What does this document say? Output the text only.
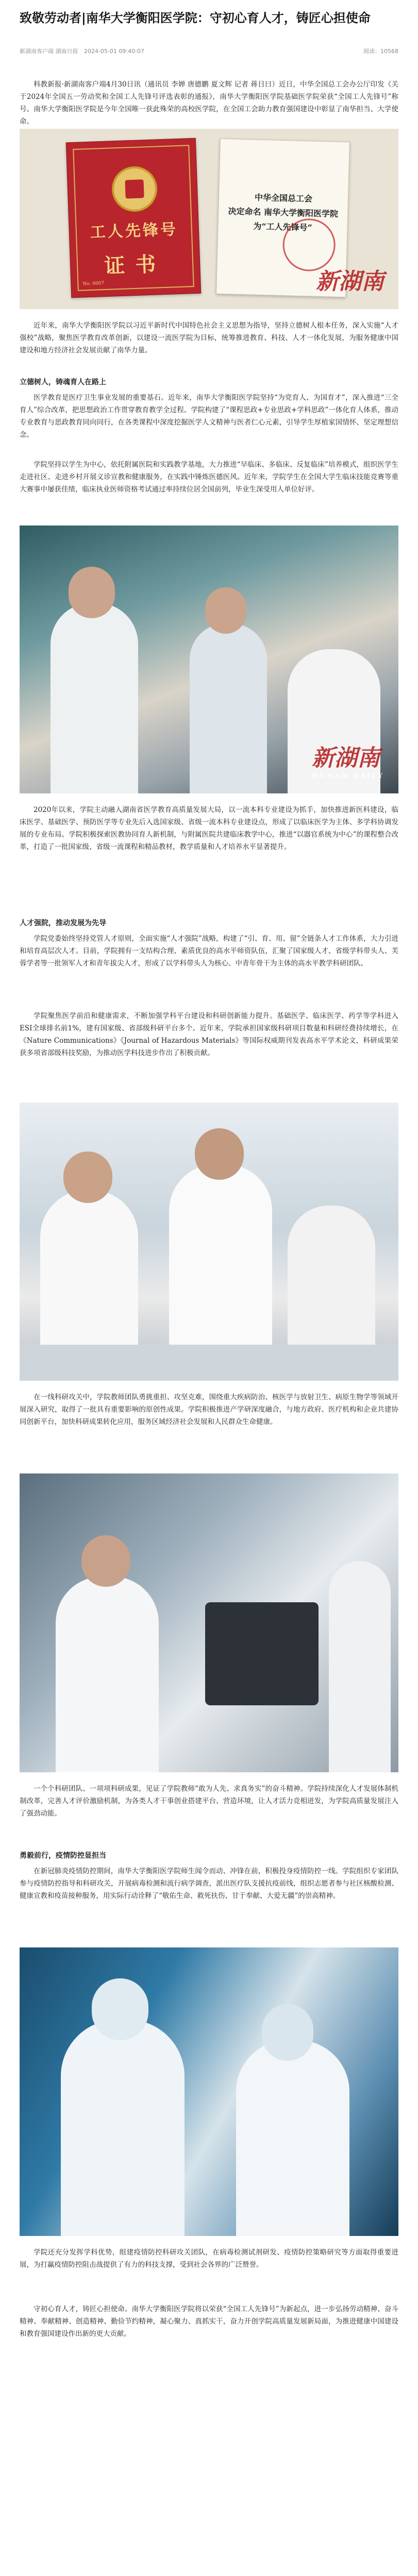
致敬劳动者|南华大学衡阳医学院：守初心育人才，铸匠心担使命
新湖南客户端 湖南日报 2024-05-01 09:40:07	阅读：10568

科教新报·新湖南客户端4月30日讯（通讯员 李婵 唐德鹏 夏文辉 记者 蒋日曰）近日，中华全国总工会办公厅印发《关于2024年全国五一劳动奖和全国工人先锋号评选表彰的通报》，南华大学衡阳医学院基础医学院荣获“全国工人先锋号”称号。南华大学衡阳医学院是今年全国唯一获此殊荣的高校医学院，在全国工会助力教育强国建设中彰显了南华担当、大学使命。

工人先锋号
证书
No. 0007
中华全国总工会
决定命名 南华大学衡阳医学院
为“工人先锋号”
新湖南

近年来，南华大学衡阳医学院以习近平新时代中国特色社会主义思想为指导，坚持立德树人根本任务，深入实施“人才强校”战略，聚焦医学教育改革创新，以建设一流医学院为目标，统筹推进教育、科技、人才一体化发展，为服务健康中国建设和地方经济社会发展贡献了南华力量。

立德树人，铸魂育人在路上

医学教育是医疗卫生事业发展的重要基石。近年来，南华大学衡阳医学院坚持“为党育人、为国育才”，深入推进“三全育人”综合改革，把思想政治工作贯穿教育教学全过程。学院构建了“课程思政+专业思政+学科思政”一体化育人体系，推动专业教育与思政教育同向同行，在各类课程中深度挖掘医学人文精神与医者仁心元素，引导学生厚植家国情怀、坚定理想信念。

学院坚持以学生为中心，依托附属医院和实践教学基地，大力推进“早临床、多临床、反复临床”培养模式，组织医学生走进社区、走进乡村开展义诊宣教和健康服务，在实践中锤炼医德医风。近年来，学院学生在全国大学生临床技能竞赛等重大赛事中屡获佳绩，临床执业医师资格考试通过率持续位居全国前列，毕业生深受用人单位好评。

新湖南
HUNAN DAILY

2020年以来，学院主动融入湖南省医学教育高质量发展大局，以一流本科专业建设为抓手，加快推进新医科建设，临床医学、基础医学、预防医学等专业先后入选国家级、省级一流本科专业建设点，形成了以临床医学为主体、多学科协调发展的专业布局。学院积极探索医教协同育人新机制，与附属医院共建临床教学中心，推进“以器官系统为中心”的课程整合改革，打造了一批国家级、省级一流课程和精品教材，教学质量和人才培养水平显著提升。

人才强院，推动发展为先导

学院党委始终坚持党管人才原则，全面实施“人才强院”战略，构建了“引、育、用、留”全链条人才工作体系，大力引进和培育高层次人才。目前，学院拥有一支结构合理、素质优良的高水平师资队伍，汇聚了国家级人才、省级学科带头人、芙蓉学者等一批领军人才和青年拔尖人才，形成了以学科带头人为核心、中青年骨干为主体的高水平教学科研团队。

学院聚焦医学前沿和健康需求，不断加强学科平台建设和科研创新能力提升。基础医学、临床医学、药学等学科进入ESI全球排名前1%，建有国家级、省部级科研平台多个。近年来，学院承担国家级科研项目数量和科研经费持续增长，在《Nature Communications》《Journal of Hazardous Materials》等国际权威期刊发表高水平学术论文，科研成果荣获多项省部级科技奖励，为推动医学科技进步作出了积极贡献。

在一线科研攻关中，学院教师团队勇挑重担、攻坚克难，围绕重大疾病防治、核医学与放射卫生、病原生物学等领域开展深入研究，取得了一批具有重要影响的原创性成果。学院积极推进产学研深度融合，与地方政府、医疗机构和企业共建协同创新平台，加快科研成果转化应用，服务区域经济社会发展和人民群众生命健康。

一个个科研团队、一项项科研成果，见证了学院教师“敢为人先、求真务实”的奋斗精神。学院持续深化人才发展体制机制改革，完善人才评价激励机制，为各类人才干事创业搭建平台、营造环境，让人才活力竞相迸发，为学院高质量发展注入了强劲动能。

勇毅前行，疫情防控显担当

在新冠肺炎疫情防控期间，南华大学衡阳医学院师生闻令而动、冲锋在前，积极投身疫情防控一线。学院组织专家团队参与疫情防控指导和科研攻关，开展病毒检测和流行病学调查，派出医疗队支援抗疫前线，组织志愿者参与社区核酸检测、健康宣教和疫苗接种服务，用实际行动诠释了“敬佑生命、救死扶伤、甘于奉献、大爱无疆”的崇高精神。

学院还充分发挥学科优势，组建疫情防控科研攻关团队，在病毒检测试剂研发、疫情防控策略研究等方面取得重要进展，为打赢疫情防控阻击战提供了有力的科技支撑，受到社会各界的广泛赞誉。

守初心育人才，铸匠心担使命。南华大学衡阳医学院将以荣获“全国工人先锋号”为新起点，进一步弘扬劳动精神、奋斗精神、奉献精神、创造精神、勤俭节约精神，凝心聚力、真抓实干，奋力开创学院高质量发展新局面，为推进健康中国建设和教育强国建设作出新的更大贡献。
